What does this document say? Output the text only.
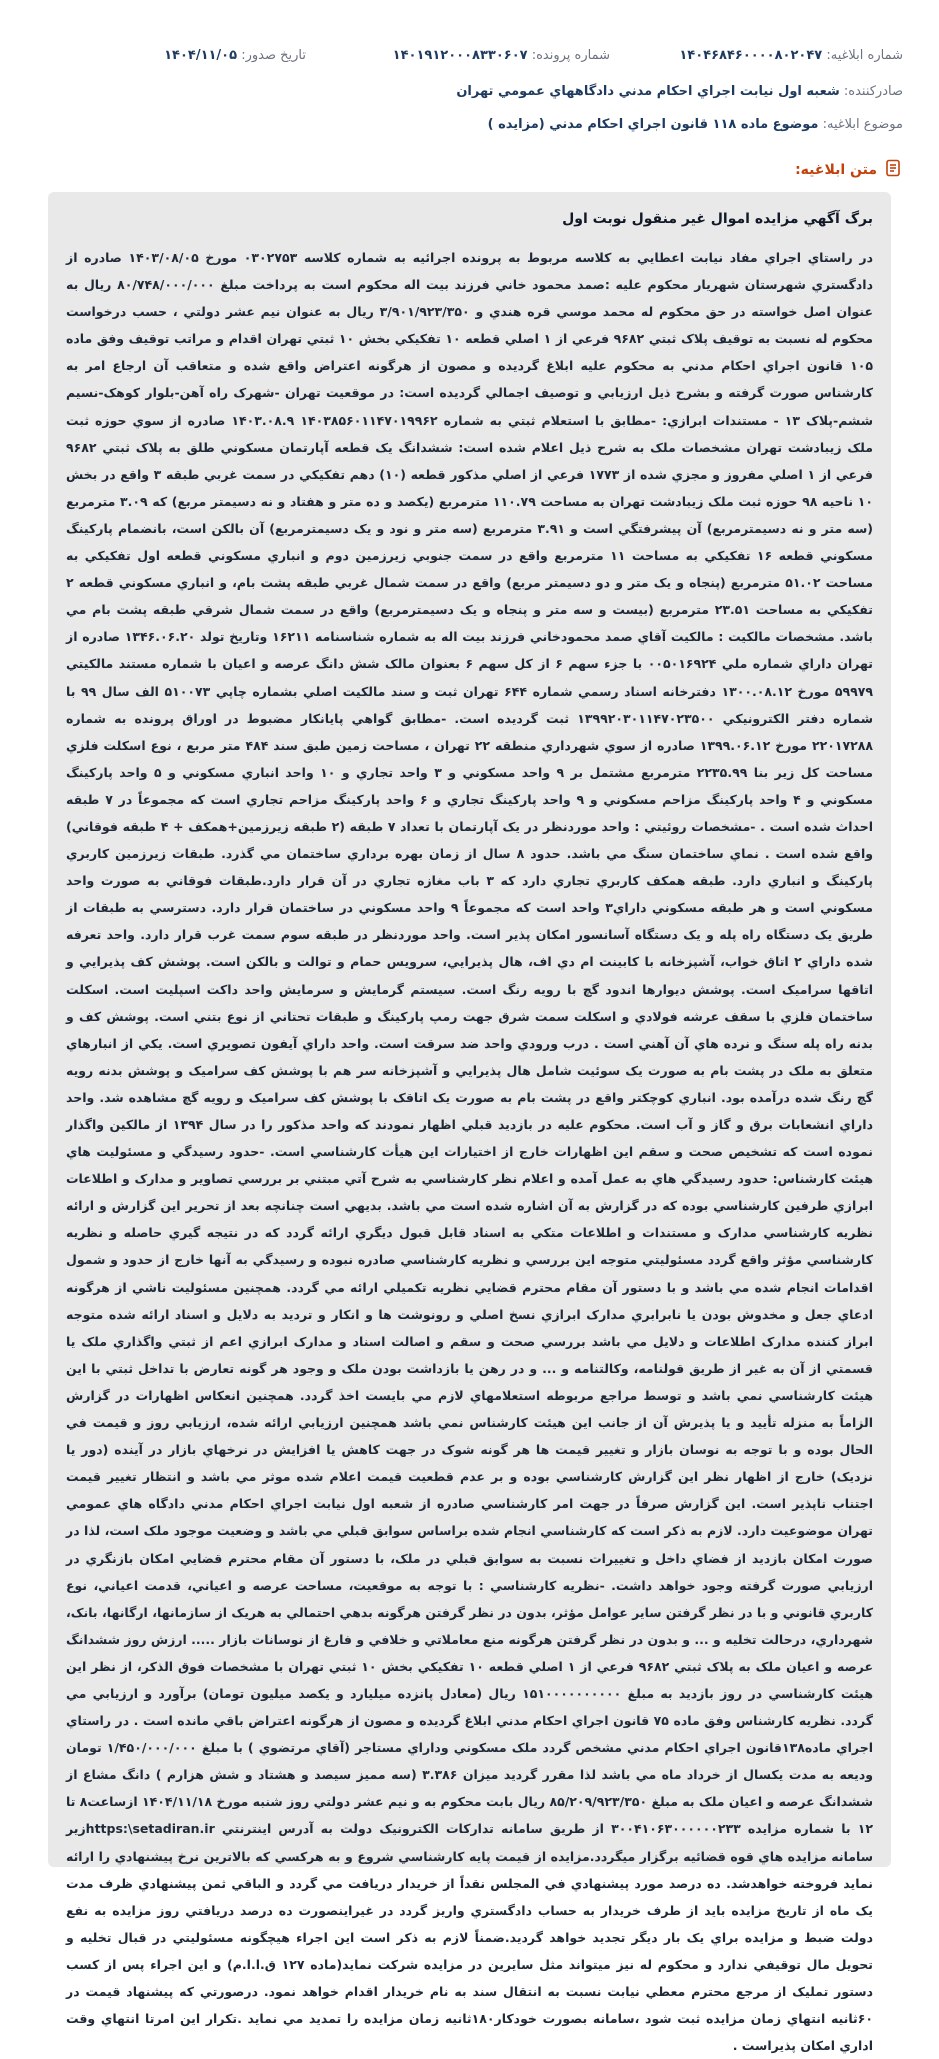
شماره ابلاغيه: ۱۴۰۴۶۸۴۶۰۰۰۰۸۰۲۰۴۷
شماره پرونده: ۱۴۰۱۹۱۲۰۰۰۸۳۳۰۶۰۷
تاريخ صدور: ۱۴۰۴/۱۱/۰۵
صادرکننده: شعبه اول نيابت اجراي احكام مدني دادگاههاي عمومي تهران
موضوع ابلاغيه: موضوع ماده ۱۱۸ قانون اجراي احکام مدني (مزايده )
متن ابلاغيه:

برگ آگهي مزايده اموال غير منقول نوبت اول

در راستاي اجراي مفاد نيابت اعطايي به کلاسه مربوط به پرونده اجرائيه به شماره کلاسه ۰۳۰۲۷۵۳ مورخ ۱۴۰۳/۰۸/۰۵ صادره از دادگستري شهرستان شهريار محکوم عليه :صمد محمود خاني فرزند بيت اله محکوم است به پرداخت مبلغ ۸۰/۷۴۸/۰۰۰/۰۰۰ ريال به عنوان اصل خواسته در حق محکوم له محمد موسي قره هندي و ۳/۹۰۱/۹۲۳/۳۵۰ ريال به عنوان نيم عشر دولتي ، حسب درخواست محکوم له نسبت به توقيف پلاک ثبتي ۹۶۸۲ فرعي از ۱ اصلي قطعه ۱۰ تفکيکي بخش ۱۰ ثبتي تهران اقدام و مراتب توقيف وفق ماده ۱۰۵ قانون اجراي احکام مدني به محکوم عليه ابلاغ گرديده و مصون از هرگونه اعتراض واقع شده و متعاقب آن ارجاع امر به کارشناس صورت گرفته و بشرح ذيل ارزيابي و توصيف اجمالي گرديده است: در موقعيت تهران -شهرک راه آهن-بلوار کوهک-نسيم ششم-پلاک ۱۳ - مستندات ابرازي: -مطابق با استعلام ثبتي به شماره ۱۴۰۳۸۵۶۰۱۱۴۷۰۱۹۹۶۲ ۱۴۰۳.۰۸.۹ صادره از سوي حوزه ثبت ملک زيبادشت تهران مشخصات ملک به شرح ذيل اعلام شده است: ششدانگ يک قطعه آپارتمان مسکوني طلق به پلاک ثبتي ۹۶۸۲ فرعي از ۱ اصلي مفروز و مجزي شده از ۱۷۷۳ فرعي از اصلي مذکور قطعه (۱۰) دهم تفکيکي در سمت غربي طبقه ۳ واقع در بخش ۱۰ ناحيه ۹۸ حوزه ثبت ملک زيبادشت تهران به مساحت ۱۱۰.۷۹ مترمربع (يکصد و ده متر و هفتاد و نه دسيمتر مربع) که ۳.۰۹ مترمربع (سه متر و نه دسيمترمربع) آن پيشرفتگي است و ۳.۹۱ مترمربع (سه متر و نود و يک دسيمترمربع) آن بالکن است، بانضمام پارکينگ مسکوني قطعه ۱۶ تفکيکي به مساحت ۱۱ مترمربع واقع در سمت جنوبي زيرزمين دوم و انباري مسکوني قطعه اول تفکيکي به مساحت ۵۱.۰۲ مترمربع (پنجاه و يک متر و دو دسيمتر مربع) واقع در سمت شمال غربي طبقه پشت بام، و انباري مسکوني قطعه ۲ تفکيکي به مساحت ۲۳.۵۱ مترمربع (بيست و سه متر و پنجاه و يک دسيمترمربع) واقع در سمت شمال شرقي طبقه پشت بام مي باشد. مشخصات مالکيت : مالکيت آقاي صمد محمودخاني فرزند بيت اله به شماره شناسنامه ۱۶۲۱۱ وتاريخ تولد ۱۳۴۶.۰۶.۲۰ صادره از تهران داراي شماره ملي ۰۰۵۰۱۶۹۲۴ با جزء سهم ۶ از کل سهم ۶ بعنوان مالک شش دانگ عرصه و اعيان با شماره مستند مالکيتي ۵۹۹۷۹ مورخ ۱۳۰۰.۰۸.۱۲ دفترخانه اسناد رسمي شماره ۶۴۴ تهران ثبت و سند مالکيت اصلي بشماره چاپي ۵۱۰۰۷۳ الف سال ۹۹ با شماره دفتر الکترونيکي ۱۳۹۹۲۰۳۰۱۱۴۷۰۲۳۵۰۰ ثبت گرديده است. -مطابق گواهي پايانکار مضبوط در اوراق پرونده به شماره ۲۲۰۱۷۲۸۸ مورخ ۱۳۹۹.۰۶.۱۲ صادره از سوي شهرداري منطقه ۲۲ تهران ، مساحت زمين طبق سند ۴۸۴ متر مربع ، نوع اسکلت فلزي مساحت کل زير بنا ۲۲۳۵.۹۹ مترمربع مشتمل بر ۹ واحد مسکوني و ۳ واحد تجاري و ۱۰ واحد انباري مسکوني و ۵ واحد پارکينگ مسکوني و ۴ واحد پارکينگ مزاحم مسکوني و ۹ واحد پارکينگ تجاري و ۶ واحد پارکينگ مزاحم تجاري است که مجموعاً در ۷ طبقه احداث شده است . -مشخصات روئيتي : واحد موردنظر در يک آپارتمان با تعداد ۷ طبقه (۲ طبقه زيرزمين+همکف + ۴ طبقه فوقاني) واقع شده است . نماي ساختمان سنگ مي باشد. حدود ۸ سال از زمان بهره برداري ساختمان مي گذرد. طبقات زيرزمين کاربري پارکينگ و انباري دارد. طبقه همکف کاربري تجاري دارد که ۳ باب مغازه تجاري در آن قرار دارد.طبقات فوقاني به صورت واحد مسکوني است و هر طبقه مسکوني داراي۳ واحد است که مجموعاً ۹ واحد مسکوني در ساختمان قرار دارد. دسترسي به طبقات از طريق يک دستگاه راه پله و يک دستگاه آسانسور امکان پذير است. واحد موردنظر در طبقه سوم سمت غرب قرار دارد. واحد تعرفه شده داراي ۲ اتاق خواب، آشپزخانه با کابينت ام دي اف، هال پذيرايي، سرويس حمام و توالت و بالکن است. پوشش کف پذيرايي و اتاقها سراميک است. پوشش ديوارها اندود گچ با رويه رنگ است. سيستم گرمايش و سرمايش واحد داکت اسپليت است. اسکلت ساختمان فلزي با سقف عرشه فولادي و اسکلت سمت شرق جهت رمپ پارکينگ و طبقات تحتاني از نوع بتني است. پوشش کف و بدنه راه پله سنگ و نرده هاي آن آهني است . درب ورودي واحد ضد سرقت است. واحد داراي آيفون تصويري است. يکي از انبارهاي متعلق به ملک در پشت بام به صورت يک سوئيت شامل هال پذيرايي و آشپزخانه سر هم با پوشش کف سراميک و پوشش بدنه رويه گچ رنگ شده درآمده بود. انباري کوچکتر واقع در پشت بام به صورت يک اتاقک با پوشش کف سراميک و رويه گچ مشاهده شد. واحد داراي انشعابات برق و گاز و آب است. محکوم عليه در بازديد قبلي اظهار نمودند که واحد مذکور را در سال ۱۳۹۴ از مالکين واگذار نموده است که تشخيص صحت و سقم اين اظهارات خارج از اختيارات اين هيأت کارشناسي است. -حدود رسيدگي و مسئوليت هاي هيئت کارشناس: حدود رسيدگي هاي به عمل آمده و اعلام نظر کارشناسي به شرح آتي مبتني بر بررسي تصاوير و مدارک و اطلاعات ابرازي طرفين کارشناسي بوده که در گزارش به آن اشاره شده است مي باشد. بديهي است چنانچه بعد از تحرير اين گزارش و ارائه نظريه کارشناسي مدارک و مستندات و اطلاعات متکي به اسناد قابل قبول ديگري ارائه گردد که در نتيجه گيري حاصله و نظريه کارشناسي مؤثر واقع گردد مسئوليتي متوجه اين بررسي و نظريه کارشناسي صادره نبوده و رسيدگي به آنها خارج از حدود و شمول اقدامات انجام شده مي باشد و با دستور آن مقام محترم قضايي نظريه تکميلي ارائه مي گردد. همچنين مسئوليت ناشي از هرگونه ادعاي جعل و مخدوش بودن يا نابرابري مدارک ابرازي نسخ اصلي و رونوشت ها و انکار و ترديد به دلايل و اسناد ارائه شده متوجه ابراز کننده مدارک اطلاعات و دلايل مي باشد بررسي صحت و سقم و اصالت اسناد و مدارک ابرازي اعم از ثبتي واگذاري ملک يا قسمتي از آن به غير از طريق قولنامه، وکالتنامه و ... و در رهن يا بازداشت بودن ملک و وجود هر گونه تعارض با تداخل ثبتي با اين هيئت کارشناسي نمي باشد و توسط مراجع مربوطه استعلامهاي لازم مي بايست اخذ گردد. همچنين انعکاس اظهارات در گزارش الزاماً به منزله تأييد و يا پذيرش آن از جانب اين هيئت کارشناس نمي باشد همچنين ارزيابي ارائه شده، ارزيابي روز و قيمت في الحال بوده و با توجه به نوسان بازار و تغيير قيمت ها هر گونه شوک در جهت کاهش يا افزايش در نرخهاي بازار در آينده (دور يا نزديک) خارج از اظهار نظر اين گزارش کارشناسي بوده و بر عدم قطعيت قيمت اعلام شده موثر مي باشد و انتظار تغيير قيمت اجتناب ناپذير است. اين گزارش صرفاً در جهت امر کارشناسي صادره از شعبه اول نيابت اجراي احکام مدني دادگاه هاي عمومي تهران موضوعيت دارد. لازم به ذکر است که کارشناسي انجام شده براساس سوابق قبلي مي باشد و وضعيت موجود ملک است، لذا در صورت امکان بازديد از فضاي داخل و تغييرات نسبت به سوابق قبلي در ملک، با دستور آن مقام محترم قضايي امکان بازنگري در ارزيابي صورت گرفته وجود خواهد داشت. -نظريه کارشناسي : با توجه به موقعيت، مساحت عرصه و اعياني، قدمت اعياني، نوع کاربري قانوني و با در نظر گرفتن ساير عوامل مؤثر، بدون در نظر گرفتن هرگونه بدهي احتمالي به هريک از سازمانها، ارگانها، بانک، شهرداري، درحالت تخليه و ... و بدون در نظر گرفتن هرگونه منع معاملاتي و خلافي و فارغ از نوسانات بازار ..... ارزش روز ششدانگ عرصه و اعيان ملک به پلاک ثبتي ۹۶۸۲ فرعي از ۱ اصلي قطعه ۱۰ تفکيکي بخش ۱۰ ثبتي تهران با مشخصات فوق الذکر، از نظر اين هيئت کارشناسي در روز بازديد به مبلغ ۱۵۱۰۰۰۰۰۰۰۰۰۰ ريال (معادل پانزده ميليارد و يکصد ميليون تومان) برآورد و ارزيابي مي گردد. نظريه کارشناس وفق ماده ۷۵ قانون اجراي احکام مدني ابلاغ گرديده و مصون از هرگونه اعتراض باقي مانده است . در راستاي اجراي ماده۱۳۸قانون اجراي احکام مدني مشخص گردد ملک مسکوني وداراي مستاجر (آقاي مرتضوي ) با مبلغ ۱/۴۵۰/۰۰۰/۰۰۰ تومان وديعه به مدت يکسال از خرداد ماه مي باشد لذا مقرر گرديد ميزان ۳.۳۸۶ (سه مميز سيصد و هشتاد و شش هزارم ) دانگ مشاع از ششدانگ عرصه و اعيان ملک به مبلغ ۸۵/۲۰۹/۹۲۳/۳۵۰ ريال بابت محکوم به و نيم عشر دولتي روز شنبه مورخ ۱۴۰۴/۱۱/۱۸ ازساعت۸ تا ۱۲ با شماره مزايده ۳۰۰۴۱۰۶۳۰۰۰۰۰۰۲۳۳ از طريق سامانه تدارکات الکترونيک دولت به آدرس اينترنتي https:\setadiran.irزير سامانه مزايده هاي قوه قضائيه برگزار ميگردد.مزايده از قيمت پايه کارشناسي شروع و به هرکسي که بالاترين نرخ پيشنهادي را ارائه نمايد فروخته خواهدشد. ده درصد مورد پيشنهادي في المجلس نقداً از خريدار دريافت مي گردد و الباقي ثمن پيشنهادي ظرف مدت يک ماه از تاريخ مزايده بايد از طرف خريدار به حساب دادگستري واريز گردد در غيراينصورت ده درصد دريافتي روز مزايده به نفع دولت ضبط و مزايده براي يک بار ديگر تجديد خواهد گرديد.ضمناً لازم به ذکر است اين اجراء هيچگونه مسئوليتي در قبال تخليه و تحويل مال توقيفي ندارد و محکوم له نيز ميتواند مثل سايرين در مزايده شرکت نمايد(ماده ۱۲۷ ق.ا.ا.م) و اين اجراء پس از کسب دستور تمليک از مرجع محترم معطي نيابت نسبت به انتقال سند به نام خريدار اقدام خواهد نمود. درصورتي که پيشنهاد قيمت در ۶۰ثانيه انتهاي زمان مزايده ثبت شود ،سامانه بصورت خودکار۱۸۰ثانيه زمان مزايده را تمديد مي نمايد .تکرار اين امرتا انتهاي وقت اداري امکان پذيراست .
